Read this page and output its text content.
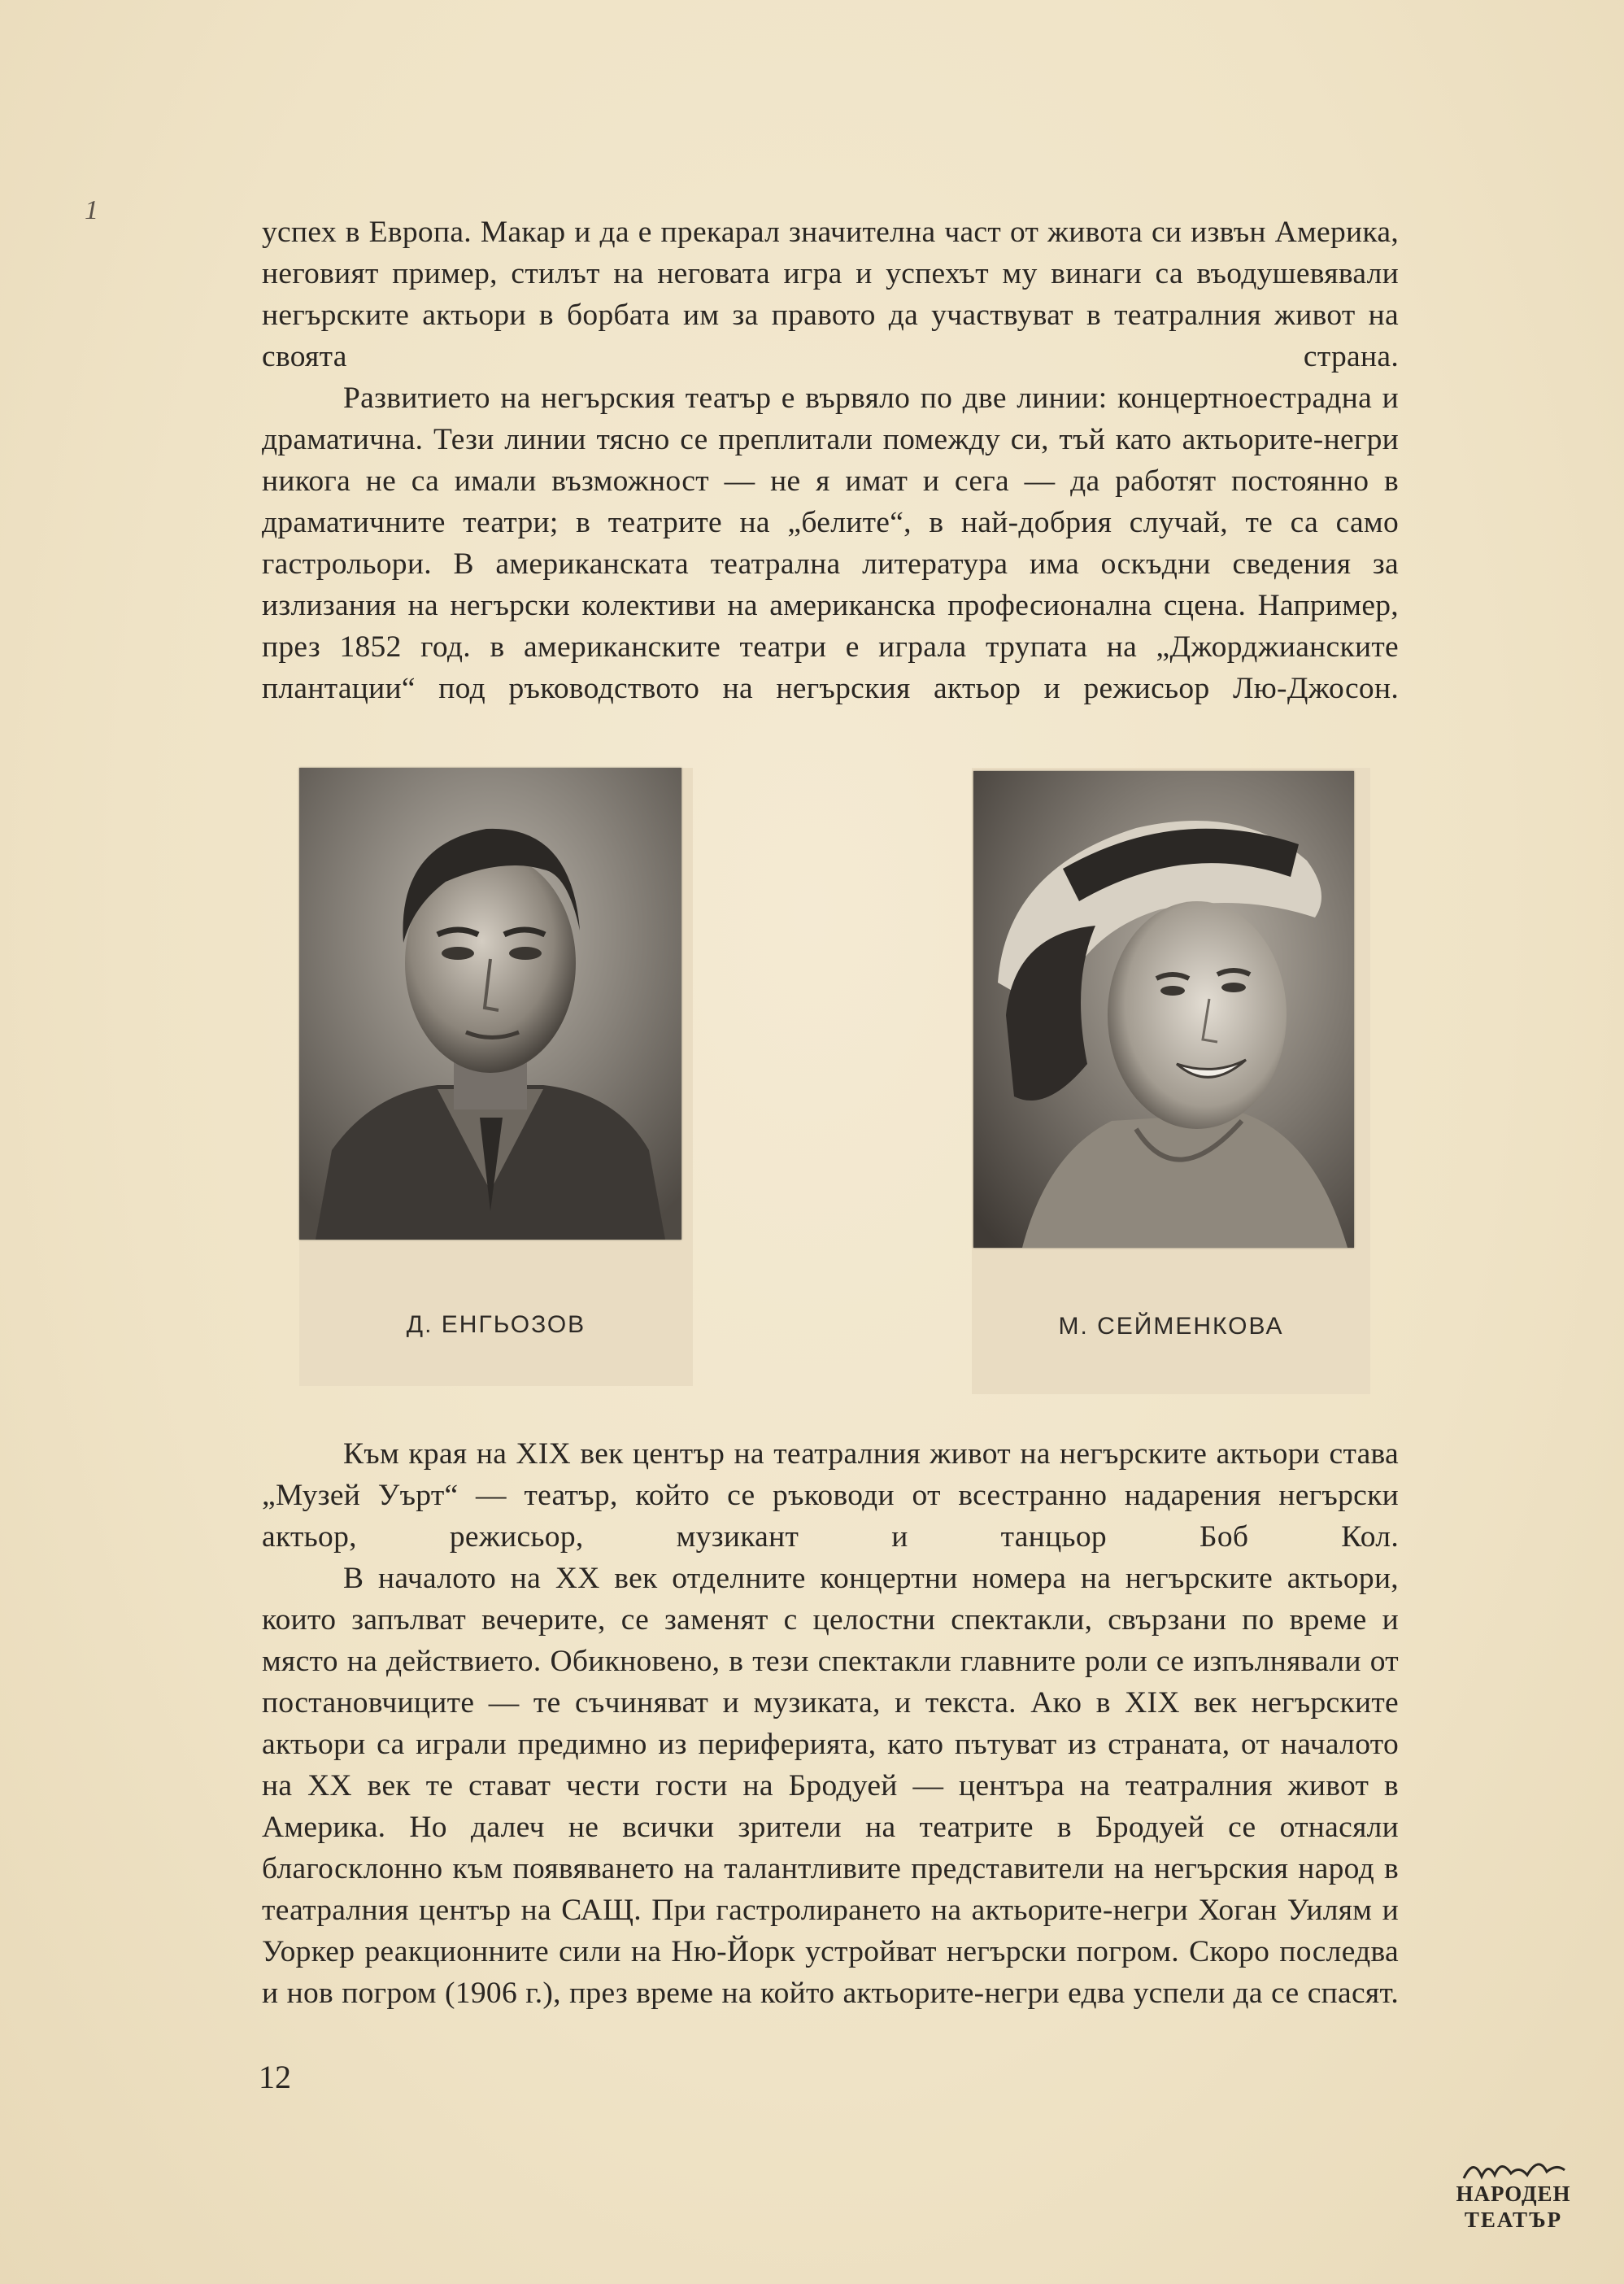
1

успех в Европа. Макар и да е прекарал значителна част от живота си извън Америка, неговият пример, стилът на неговата игра и успехът му винаги са въодушевявали негърските актьори в борбата им за правото да участвуват в театралния живот на своята страна.

Развитието на негърския театър е вървяло по две линии: концертноестрадна и драматична. Тези линии тясно се преплитали помежду си, тъй като актьорите-негри никога не са имали възможност — не я имат и сега — да работят постоянно в драматичните театри; в театрите на „белите“, в най-добрия случай, те са само гастрольори. В американската театрална литература има оскъдни сведения за излизания на негърски колективи на американска професионална сцена. Например, през 1852 год. в американските театри е играла трупата на „Джорджианските плантации“ под ръководството на негърския актьор и режисьор Лю-Джосон.

Д. ЕНГЬОЗОВ	М. СЕЙМЕНКОВА

Към края на XIX век център на театралния живот на негърските актьори става „Музей Уърт“ — театър, който се ръководи от всестранно надарения негърски актьор, режисьор, музикант и танцьор Боб Кол.

В началото на XX век отделните концертни номера на негърските актьори, които запълват вечерите, се заменят с целостни спектакли, свързани по време и място на действието. Обикновено, в тези спектакли главните роли се изпълнявали от постановчиците — те съчиняват и музиката, и текста. Ако в XIX век негърските актьори са играли предимно из периферията, като пътуват из страната, от началото на XX век те стават чести гости на Бродуей — центъра на театралния живот в Америка. Но далеч не всички зрители на театрите в Бродуей се отнасяли благосклонно към появяването на талантливите представители на негърския народ в театралния център на САЩ. При гастролирането на актьорите-негри Хоган Уилям и Уоркер реакционните сили на Ню-Йорк устройват негърски погром. Скоро последва и нов погром (1906 г.), през време на който актьорите-негри едва успели да се спасят.

12
НАРОДЕН
ТЕАТЪР
